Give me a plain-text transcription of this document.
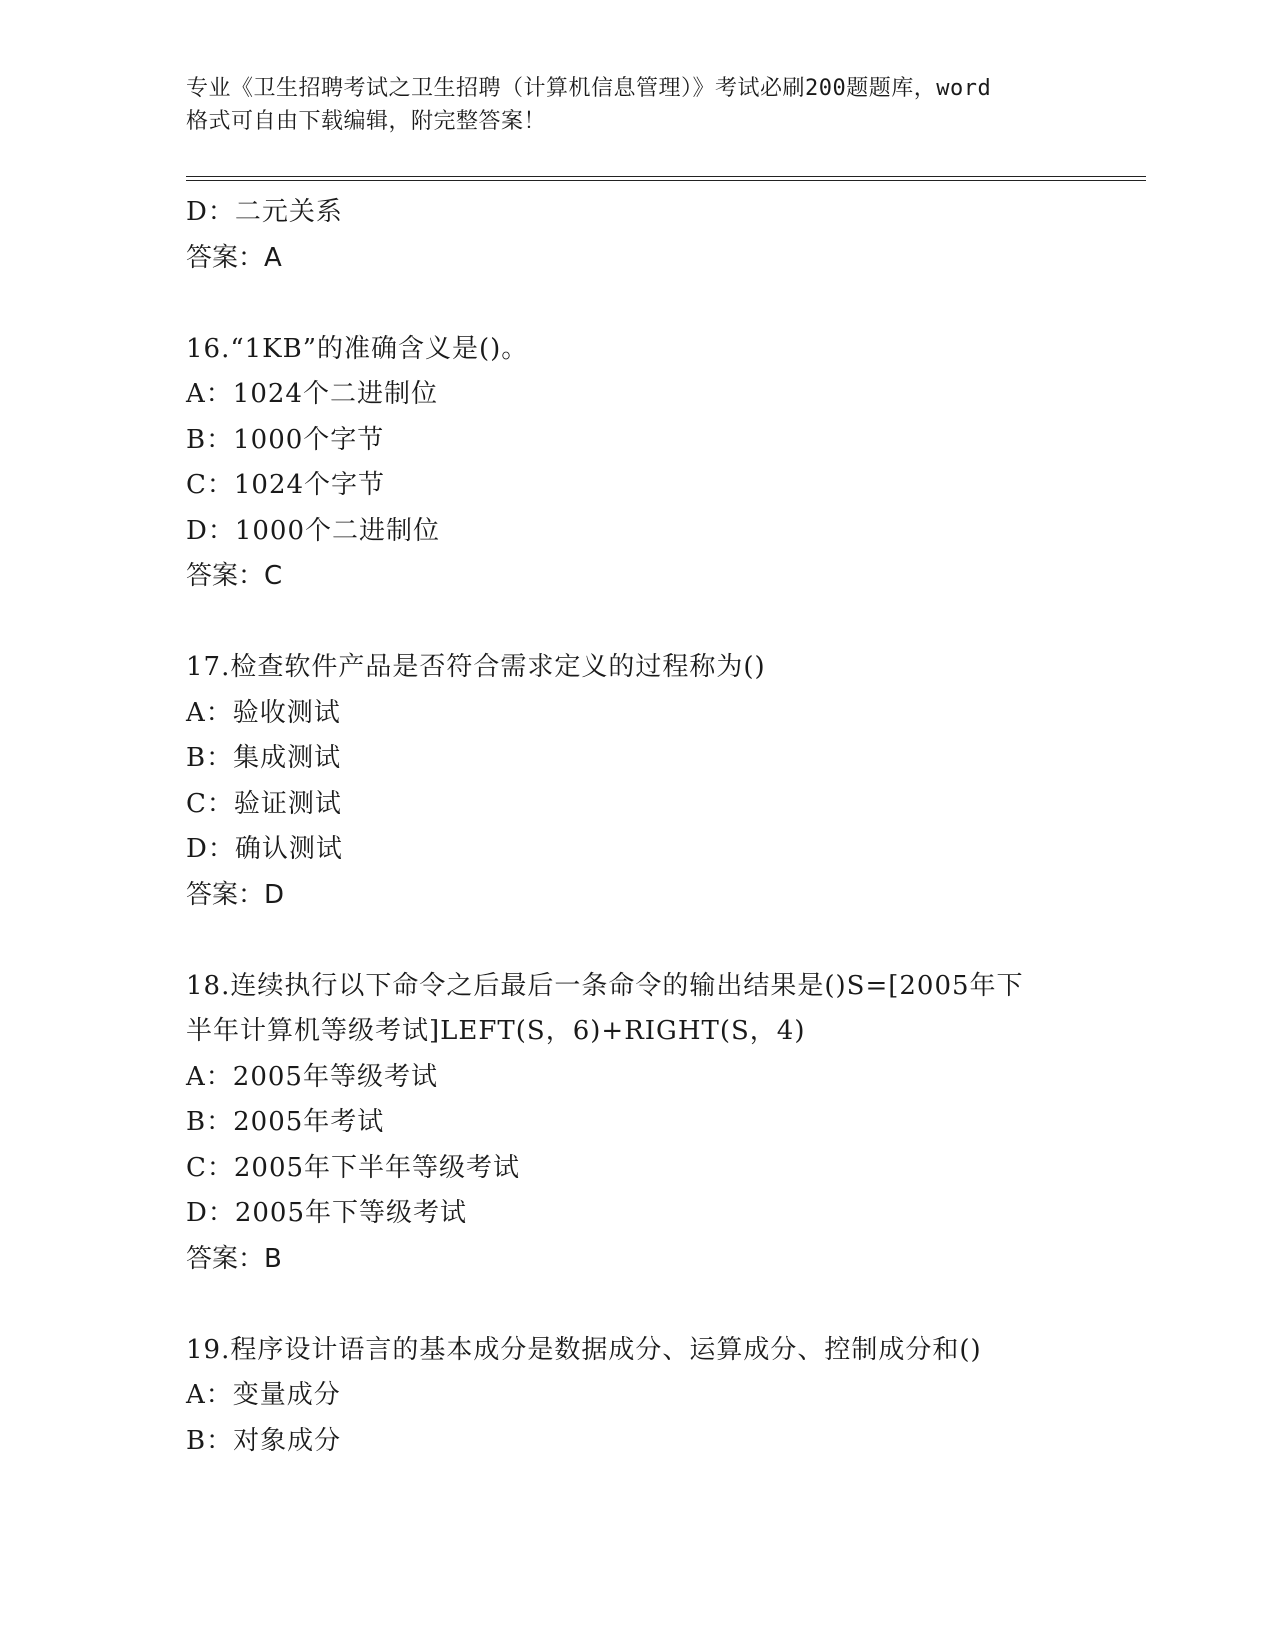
专业《卫生招聘考试之卫生招聘（计算机信息管理）》考试必刷200题题库，word
格式可自由下载编辑，附完整答案！
D：二元关系
答案：A
16.“1KB”的准确含义是()。
A：1024个二进制位
B：1000个字节
C：1024个字节
D：1000个二进制位
答案：C
17.检查软件产品是否符合需求定义的过程称为()
A：验收测试
B：集成测试
C：验证测试
D：确认测试
答案：D
18.连续执行以下命令之后最后一条命令的输出结果是()S=[2005年下
半年计算机等级考试]LEFT(S，6)+RIGHT(S，4)
A：2005年等级考试
B：2005年考试
C：2005年下半年等级考试
D：2005年下等级考试
答案：B
19.程序设计语言的基本成分是数据成分、运算成分、控制成分和()
A：变量成分
B：对象成分
